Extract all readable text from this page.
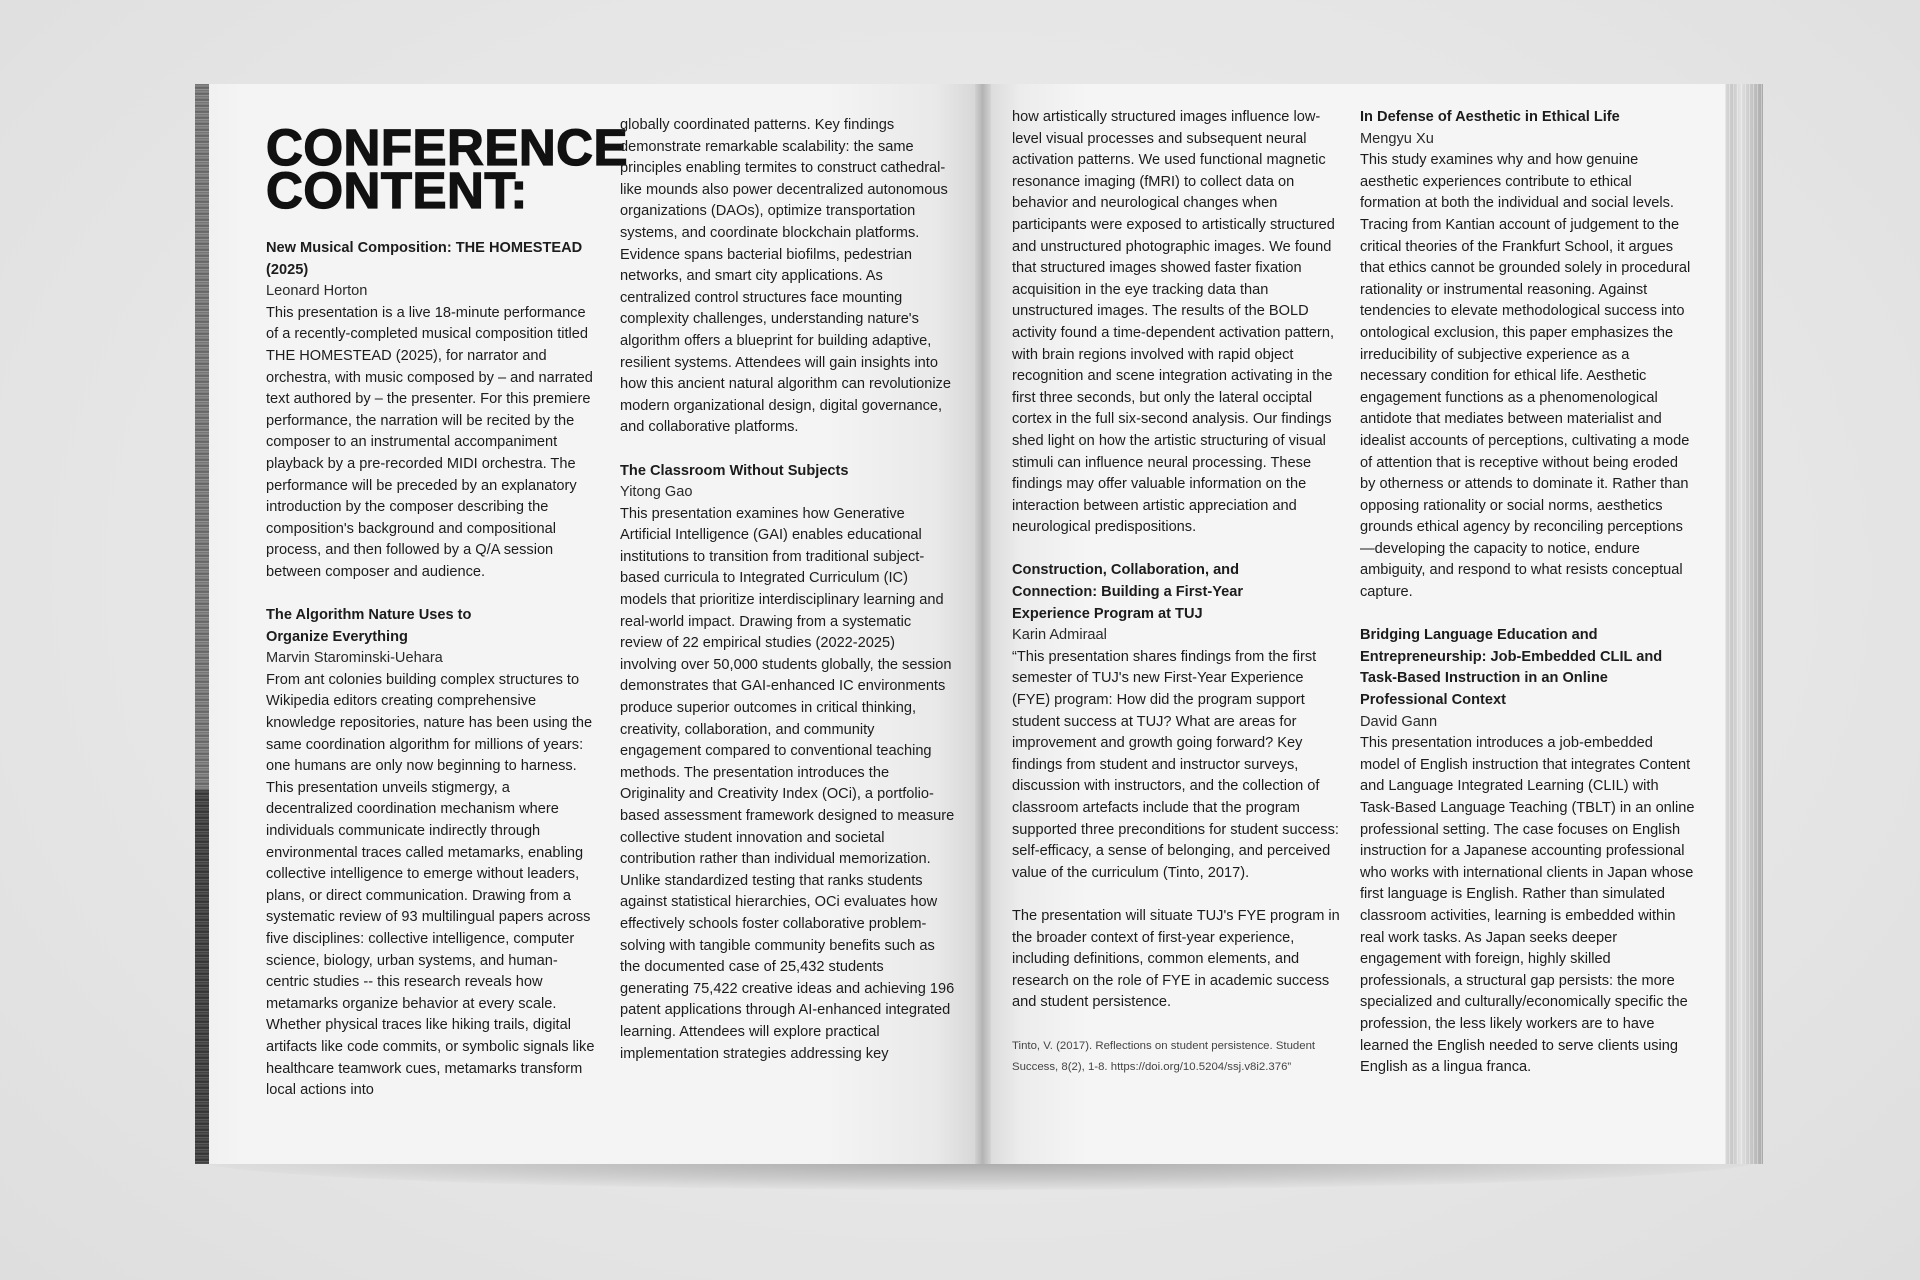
CONFERENCE CONTENT:

New Musical Composition: THE HOMESTEAD (2025)

Leonard Horton

This presentation is a live 18-minute performance of a recently-completed musical composition titled THE HOMESTEAD (2025), for narrator and orchestra, with music composed by – and narrated text authored by – the presenter. For this premiere performance, the narration will be recited by the composer to an instrumental accompaniment playback by a pre-recorded MIDI orchestra. The performance will be preceded by an explanatory introduction by the composer describing the composition's background and compositional process, and then followed by a Q/A session between composer and audience.

The Algorithm Nature Uses to Organize Everything

Marvin Starominski-Uehara

From ant colonies building complex structures to Wikipedia editors creating comprehensive knowledge repositories, nature has been using the same coordination algorithm for millions of years: one humans are only now beginning to harness. This presentation unveils stigmergy, a decentralized coordination mechanism where individuals communicate indirectly through environmental traces called metamarks, enabling collective intelligence to emerge without leaders, plans, or direct communication. Drawing from a systematic review of 93 multilingual papers across five disciplines: collective intelligence, computer science, biology, urban systems, and human-centric studies -- this research reveals how metamarks organize behavior at every scale. Whether physical traces like hiking trails, digital artifacts like code commits, or symbolic signals like healthcare teamwork cues, metamarks transform local actions into

globally coordinated patterns. Key findings demonstrate remarkable scalability: the same principles enabling termites to construct cathedral-like mounds also power decentralized autonomous organizations (DAOs), optimize transportation systems, and coordinate blockchain platforms. Evidence spans bacterial biofilms, pedestrian networks, and smart city applications. As centralized control structures face mounting complexity challenges, understanding nature's algorithm offers a blueprint for building adaptive, resilient systems. Attendees will gain insights into how this ancient natural algorithm can revolutionize modern organizational design, digital governance, and collaborative platforms.

The Classroom Without Subjects

Yitong Gao

This presentation examines how Generative Artificial Intelligence (GAI) enables educational institutions to transition from traditional subject-based curricula to Integrated Curriculum (IC) models that prioritize interdisciplinary learning and real-world impact. Drawing from a systematic review of 22 empirical studies (2022-2025) involving over 50,000 students globally, the session demonstrates that GAI-enhanced IC environments produce superior outcomes in critical thinking, creativity, collaboration, and community engagement compared to conventional teaching methods. The presentation introduces the Originality and Creativity Index (OCi), a portfolio-based assessment framework designed to measure collective student innovation and societal contribution rather than individual memorization. Unlike standardized testing that ranks students against statistical hierarchies, OCi evaluates how effectively schools foster collaborative problem-solving with tangible community benefits such as the documented case of 25,432 students generating 75,422 creative ideas and achieving 196 patent applications through AI-enhanced integrated learning. Attendees will explore practical implementation strategies addressing key

how artistically structured images influence low-level visual processes and subsequent neural activation patterns. We used functional magnetic resonance imaging (fMRI) to collect data on behavior and neurological changes when participants were exposed to artistically structured and unstructured photographic images. We found that structured images showed faster fixation acquisition in the eye tracking data than unstructured images. The results of the BOLD activity found a time-dependent activation pattern, with brain regions involved with rapid object recognition and scene integration activating in the first three seconds, but only the lateral occiptal cortex in the full six-second analysis. Our findings shed light on how the artistic structuring of visual stimuli can influence neural processing. These findings may offer valuable information on the interaction between artistic appreciation and neurological predispositions.

Construction, Collaboration, and Connection: Building a First-Year Experience Program at TUJ

Karin Admiraal

“This presentation shares findings from the first semester of TUJ's new First-Year Experience (FYE) program: How did the program support student success at TUJ? What are areas for improvement and growth going forward? Key findings from student and instructor surveys, discussion with instructors, and the collection of classroom artefacts include that the program supported three preconditions for student success: self-efficacy, a sense of belonging, and perceived value of the curriculum (Tinto, 2017).

The presentation will situate TUJ's FYE program in the broader context of first-year experience, including definitions, common elements, and research on the role of FYE in academic success and student persistence.

Tinto, V. (2017). Reflections on student persistence. Student Success, 8(2), 1-8. https://doi.org/10.5204/ssj.v8i2.376”

In Defense of Aesthetic in Ethical Life

Mengyu Xu

This study examines why and how genuine aesthetic experiences contribute to ethical formation at both the individual and social levels. Tracing from Kantian account of judgement to the critical theories of the Frankfurt School, it argues that ethics cannot be grounded solely in procedural rationality or instrumental reasoning. Against tendencies to elevate methodological success into ontological exclusion, this paper emphasizes the irreducibility of subjective experience as a necessary condition for ethical life. Aesthetic engagement functions as a phenomenological antidote that mediates between materialist and idealist accounts of perceptions, cultivating a mode of attention that is receptive without being eroded by otherness or attends to dominate it. Rather than opposing rationality or social norms, aesthetics grounds ethical agency by reconciling perceptions—developing the capacity to notice, endure ambiguity, and respond to what resists conceptual capture.

Bridging Language Education and Entrepreneurship: Job-Embedded CLIL and Task-Based Instruction in an Online Professional Context

David Gann

This presentation introduces a job-embedded model of English instruction that integrates Content and Language Integrated Learning (CLIL) with Task-Based Language Teaching (TBLT) in an online professional setting. The case focuses on English instruction for a Japanese accounting professional who works with international clients in Japan whose first language is English. Rather than simulated classroom activities, learning is embedded within real work tasks. As Japan seeks deeper engagement with foreign, highly skilled professionals, a structural gap persists: the more specialized and culturally/economically specific the profession, the less likely workers are to have learned the English needed to serve clients using English as a lingua franca.
